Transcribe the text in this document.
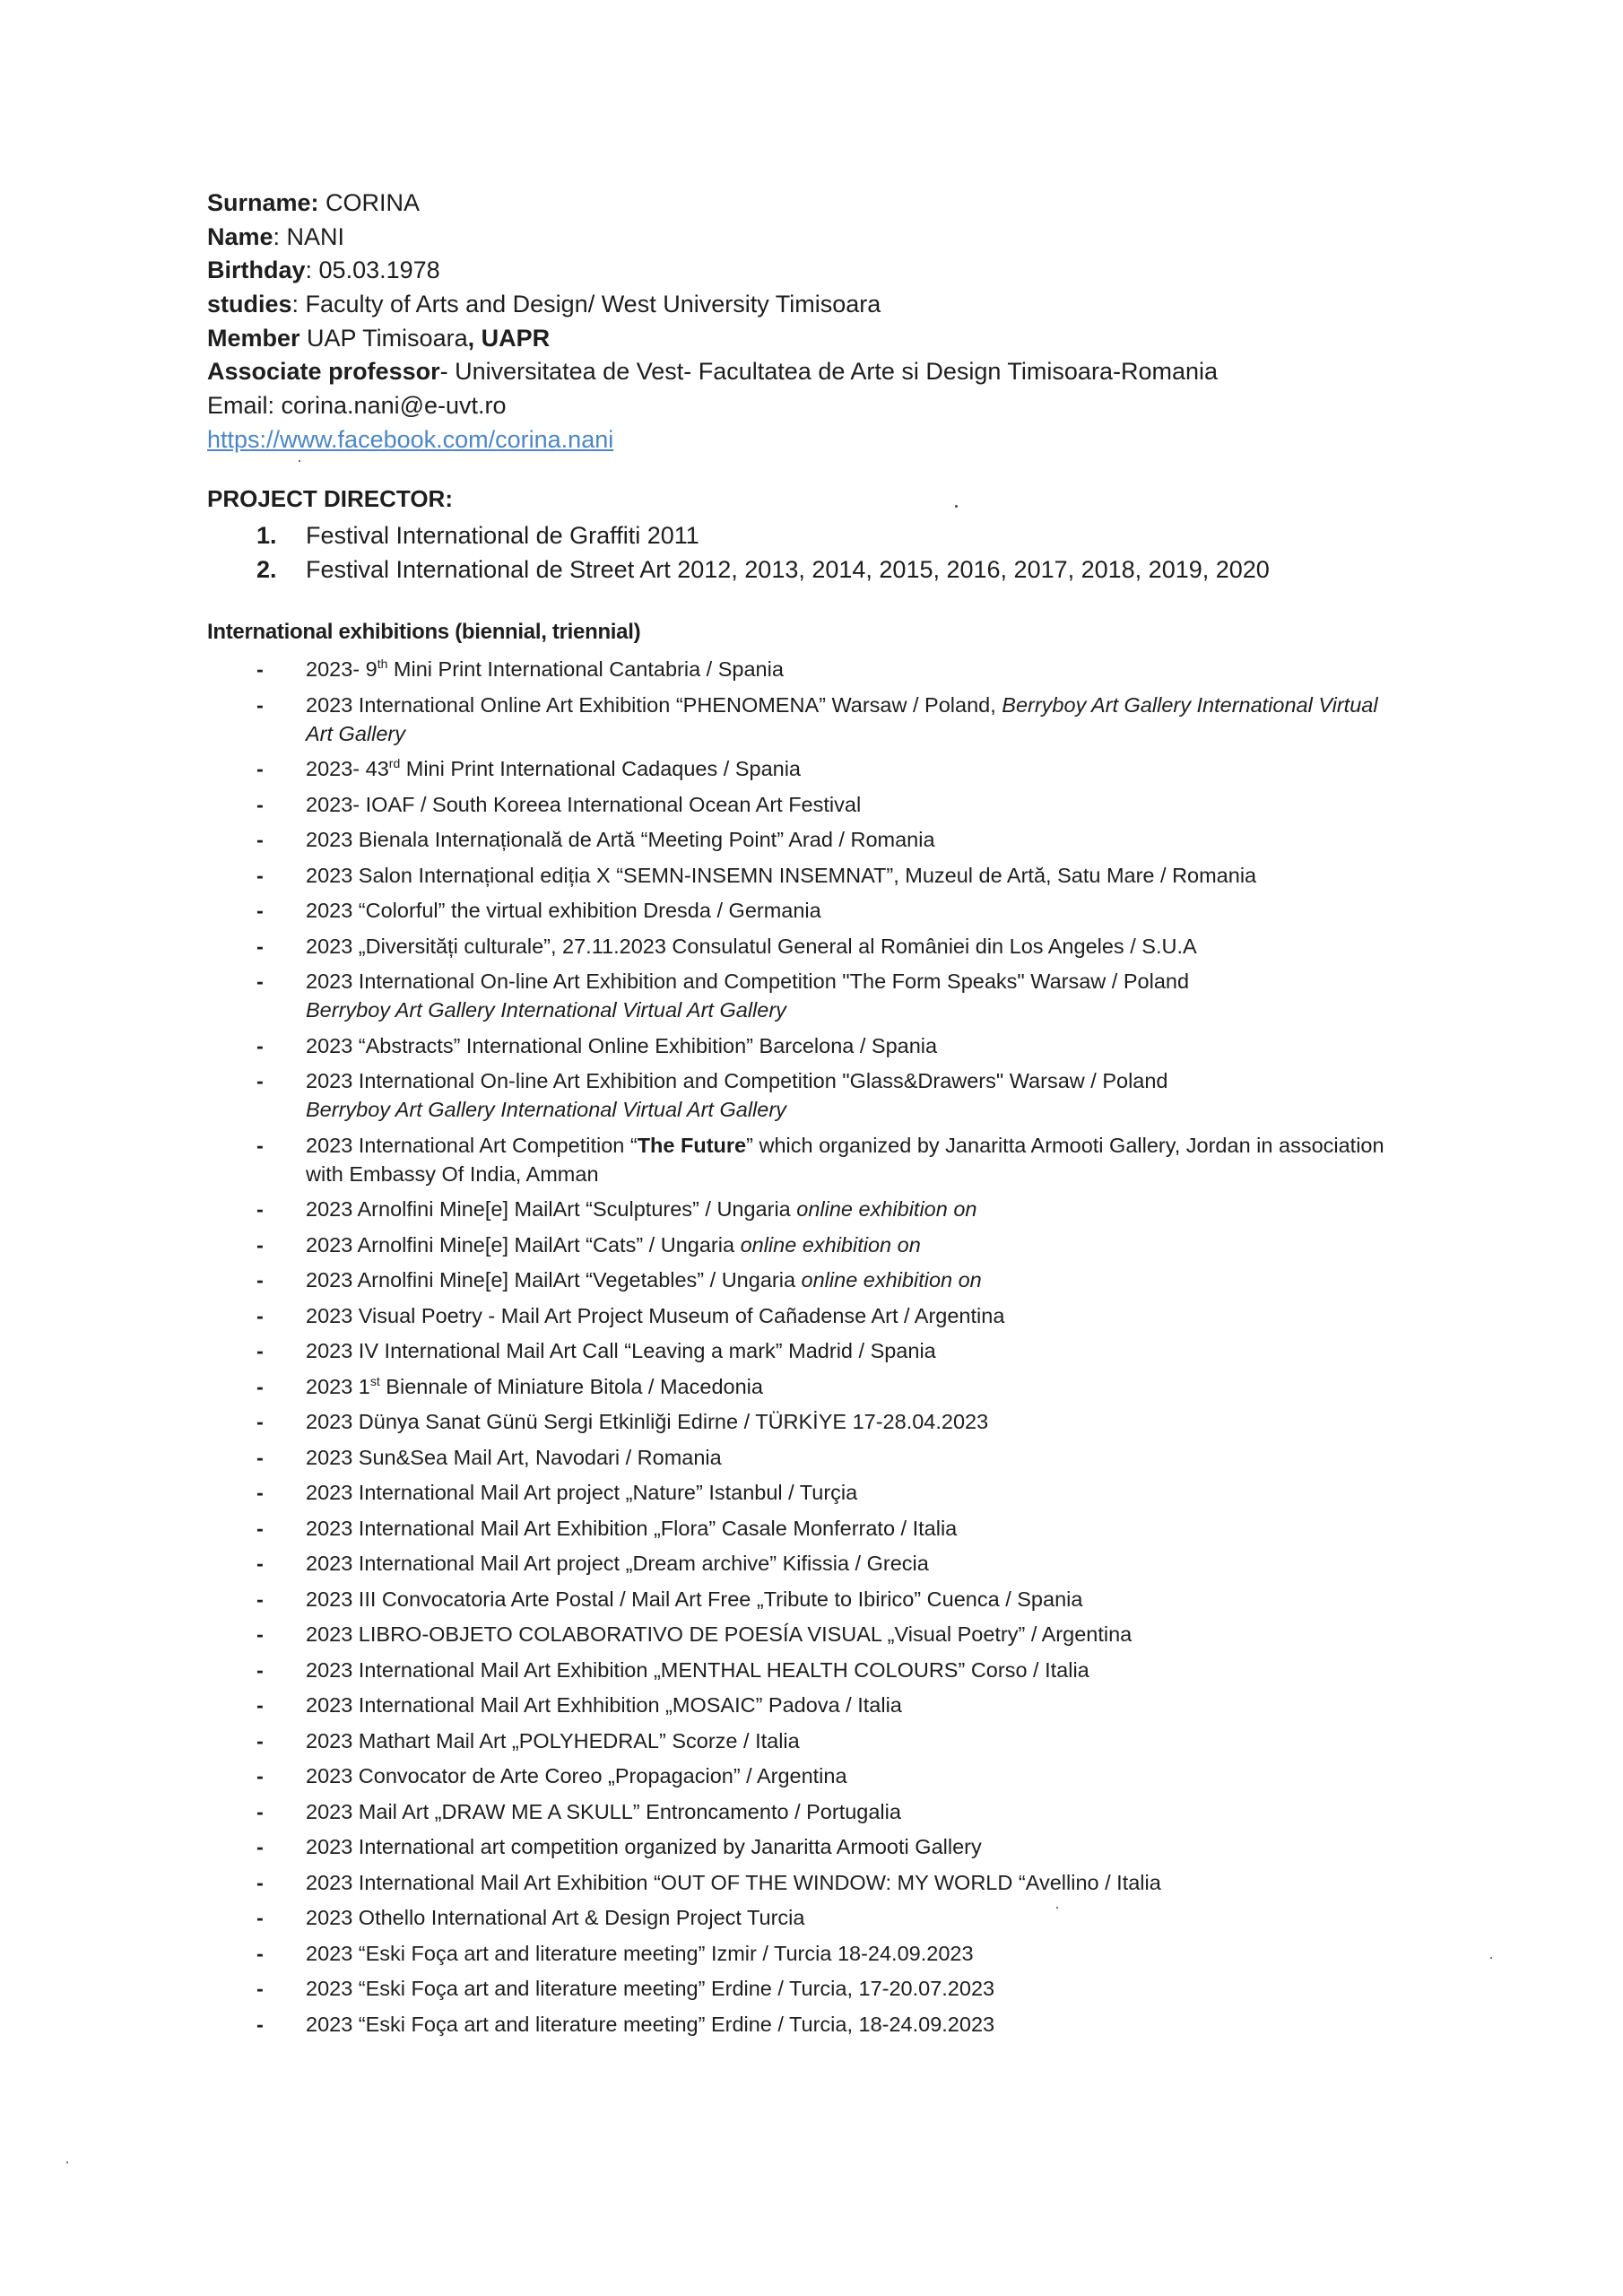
Surname: CORINA
Name: NANI
Birthday: 05.03.1978
studies: Faculty of Arts and Design/ West University Timisoara
Member UAP Timisoara, UAPR
Associate professor- Universitatea de Vest- Facultatea de Arte si Design Timisoara-Romania
Email: corina.nani@e-uvt.ro
https://www.facebook.com/corina.nani
PROJECT DIRECTOR:
1.	Festival International de Graffiti 2011
2.	Festival International de Street Art 2012, 2013, 2014, 2015, 2016, 2017, 2018, 2019, 2020
International exhibitions (biennial, triennial)
- 2023- 9th Mini Print International Cantabria / Spania
- 2023 International Online Art Exhibition “PHENOMENA” Warsaw / Poland, Berryboy Art Gallery International Virtual Art Gallery
- 2023- 43rd Mini Print International Cadaques / Spania
- 2023- IOAF / South Koreea International Ocean Art Festival
- 2023 Bienala Internațională de Artă “Meeting Point” Arad / Romania
- 2023 Salon Internațional ediția X “SEMN-INSEMN INSEMNAT”, Muzeul de Artă, Satu Mare / Romania
- 2023 “Colorful” the virtual exhibition Dresda / Germania
- 2023 „Diversități culturale”, 27.11.2023 Consulatul General al României din Los Angeles / S.U.A
- 2023 International On-line Art Exhibition and Competition "The Form Speaks" Warsaw / Poland
Berryboy Art Gallery International Virtual Art Gallery
- 2023 “Abstracts” International Online Exhibition” Barcelona / Spania
- 2023 International On-line Art Exhibition and Competition "Glass&Drawers" Warsaw / Poland
Berryboy Art Gallery International Virtual Art Gallery
- 2023 International Art Competition “The Future” which organized by Janaritta Armooti Gallery, Jordan in association with Embassy Of India, Amman
- 2023 Arnolfini Mine[e] MailArt “Sculptures” / Ungaria online exhibition on
- 2023 Arnolfini Mine[e] MailArt “Cats” / Ungaria online exhibition on
- 2023 Arnolfini Mine[e] MailArt “Vegetables” / Ungaria online exhibition on
- 2023 Visual Poetry - Mail Art Project Museum of Cañadense Art / Argentina
- 2023 IV International Mail Art Call “Leaving a mark” Madrid / Spania
- 2023 1st Biennale of Miniature Bitola / Macedonia
- 2023 Dünya Sanat Günü Sergi Etkinliği Edirne / TÜRKİYE 17-28.04.2023
- 2023 Sun&Sea Mail Art, Navodari / Romania
- 2023 International Mail Art project „Nature” Istanbul / Turçia
- 2023 International Mail Art Exhibition „Flora” Casale Monferrato / Italia
- 2023 International Mail Art project „Dream archive” Kifissia / Grecia
- 2023 III Convocatoria Arte Postal / Mail Art Free „Tribute to Ibirico” Cuenca / Spania
- 2023 LIBRO-OBJETO COLABORATIVO DE POESÍA VISUAL „Visual Poetry” / Argentina
- 2023 International Mail Art Exhibition „MENTHAL HEALTH COLOURS” Corso / Italia
- 2023 International Mail Art Exhhibition „MOSAIC” Padova / Italia
- 2023 Mathart Mail Art „POLYHEDRAL” Scorze / Italia
- 2023 Convocator de Arte Coreo „Propagacion” / Argentina
- 2023 Mail Art „DRAW ME A SKULL” Entroncamento / Portugalia
- 2023 International art competition organized by Janaritta Armooti Gallery
- 2023 International Mail Art Exhibition “OUT OF THE WINDOW: MY WORLD “Avellino / Italia
- 2023 Othello International Art & Design Project Turcia
- 2023 “Eski Foça art and literature meeting” Izmir / Turcia 18-24.09.2023
- 2023 “Eski Foça art and literature meeting” Erdine / Turcia, 17-20.07.2023
- 2023 “Eski Foça art and literature meeting” Erdine / Turcia, 18-24.09.2023
